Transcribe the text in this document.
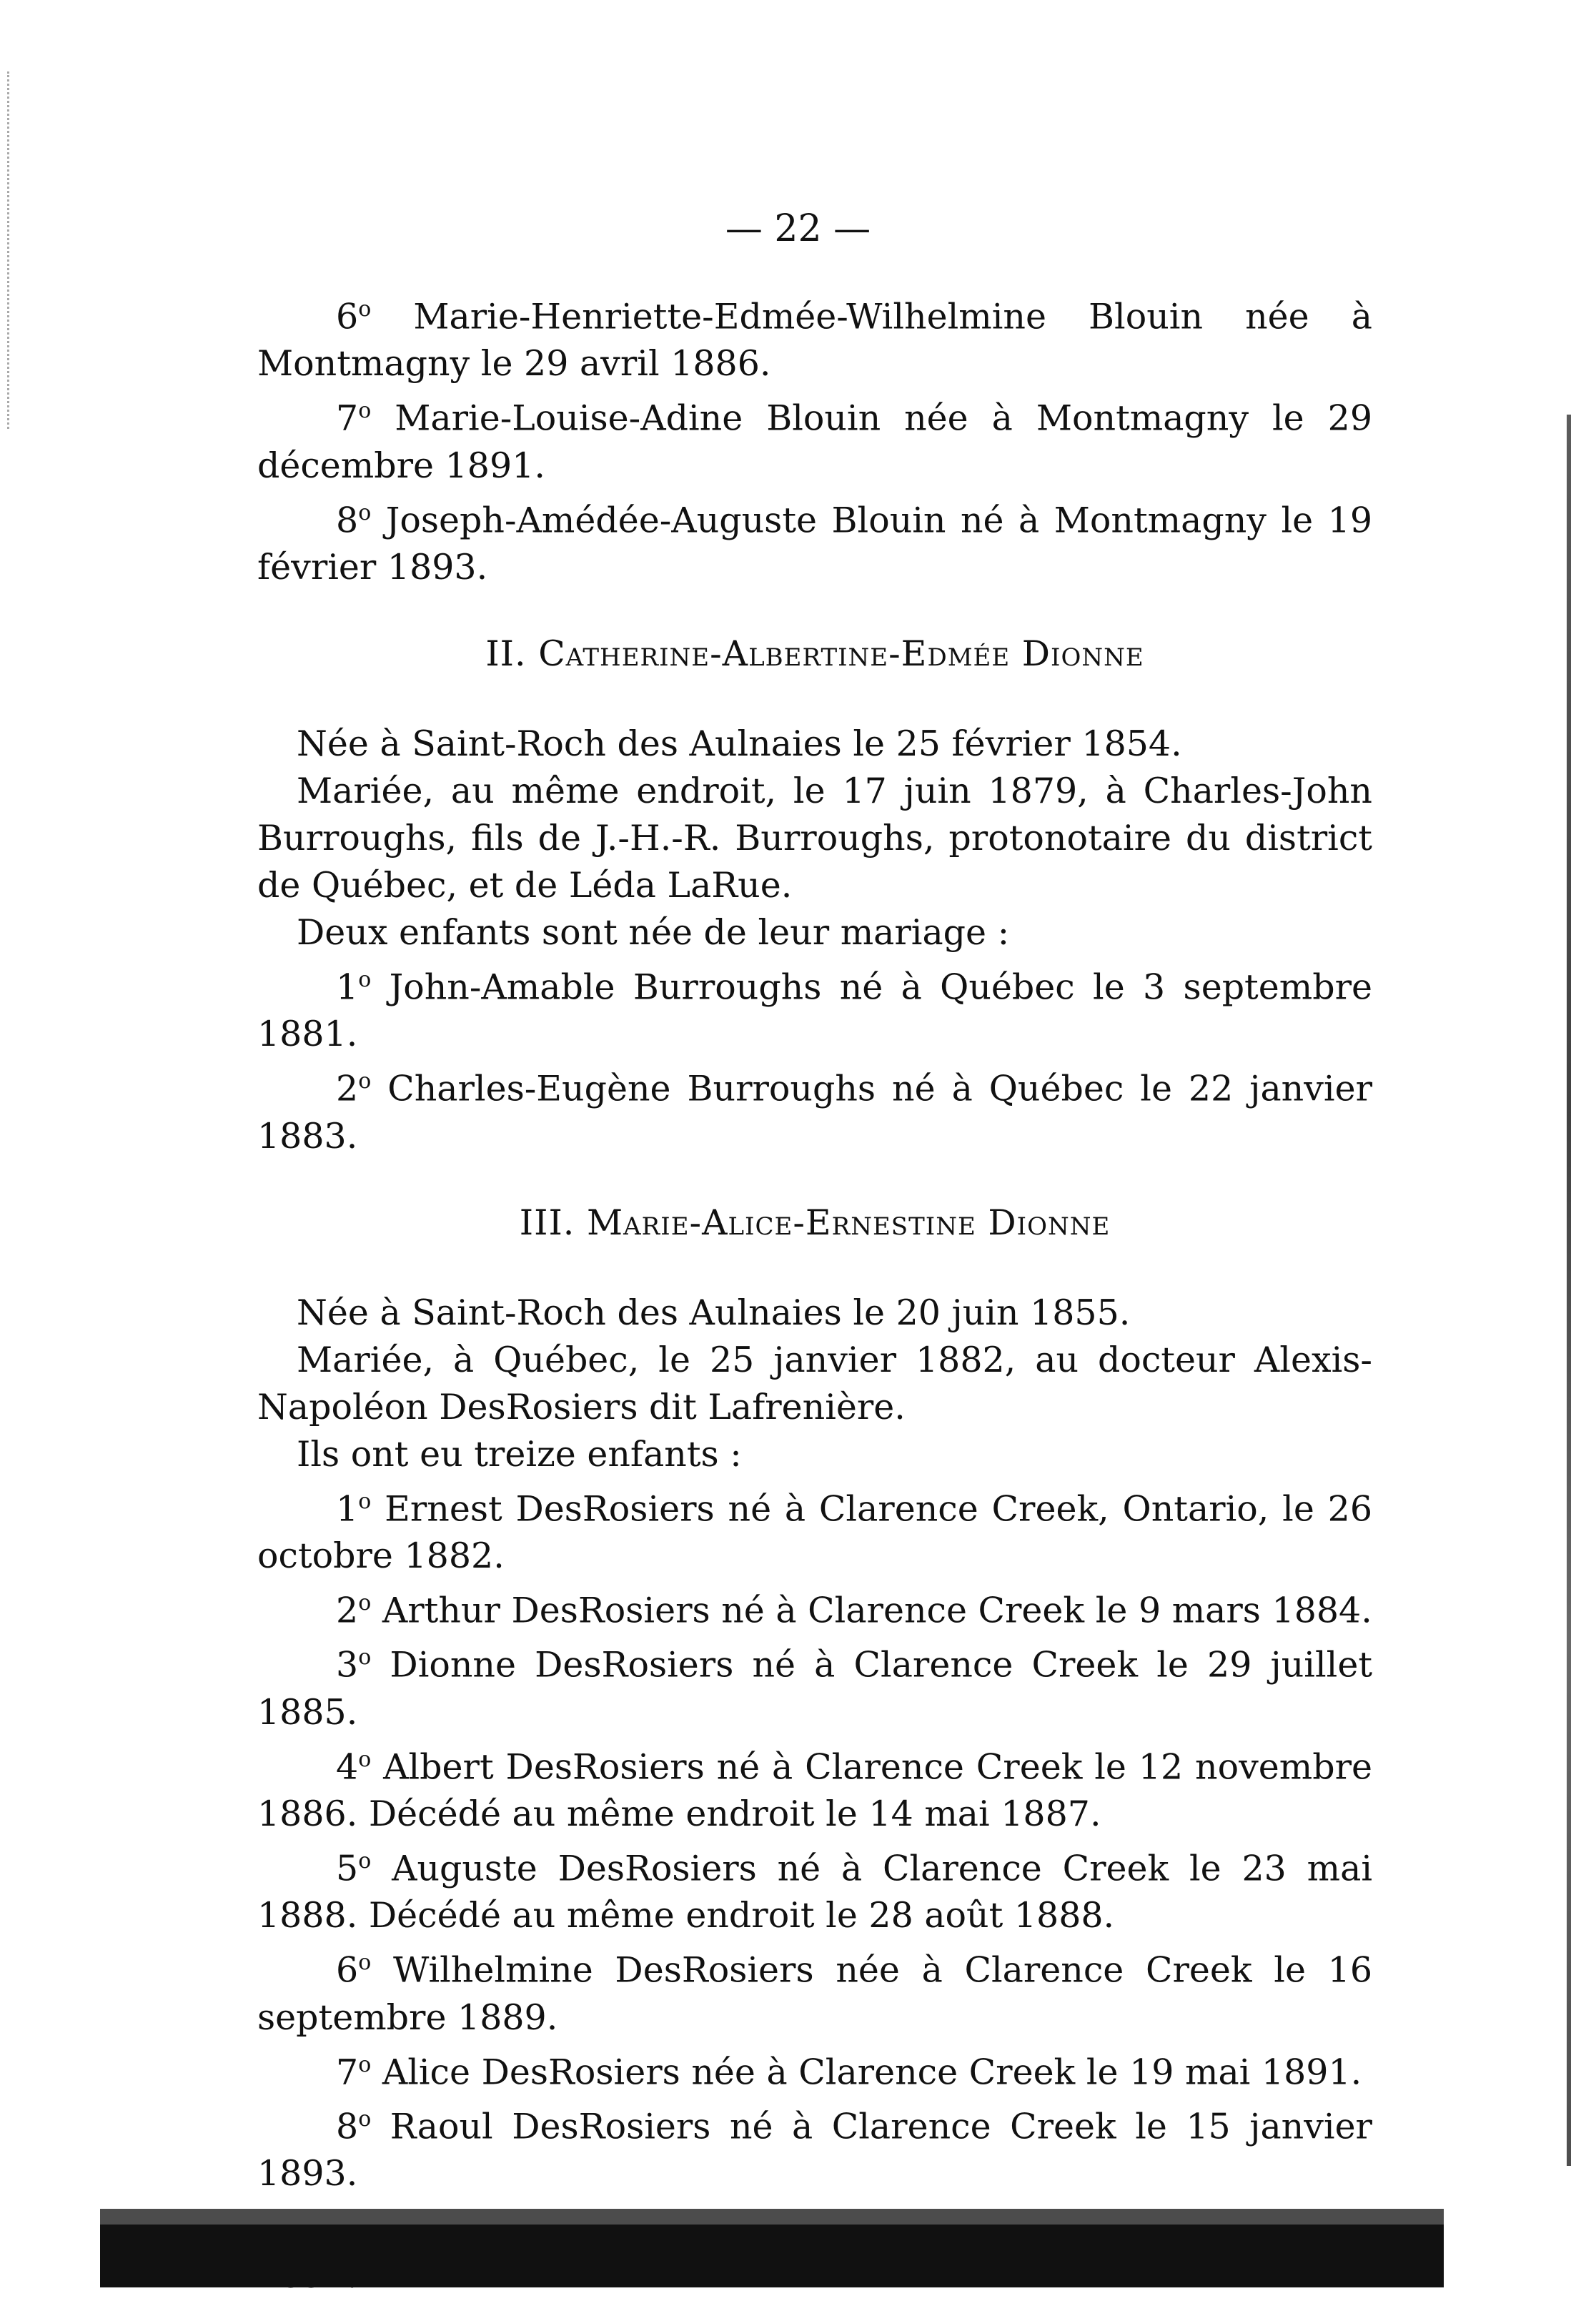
— 22 —

6$^o$ Marie-Henriette-Edmée-Wilhelmine Blouin née à Montmagny le 29 avril 1886.

7$^o$ Marie-Louise-Adine Blouin née à Montmagny le 29 décembre 1891.

8$^o$ Joseph-Amédée-Auguste Blouin né à Montmagny le 19 février 1893.

II. Catherine-Albertine-Edmée Dionne

Née à Saint-Roch des Aulnaies le 25 février 1854.

Mariée, au même endroit, le 17 juin 1879, à Charles-John Burroughs, fils de J.-H.-R. Burroughs, protonotaire du district de Québec, et de Léda LaRue.

Deux enfants sont née de leur mariage :

1$^o$ John-Amable Burroughs né à Québec le 3 septembre 1881.

2$^o$ Charles-Eugène Burroughs né à Québec le 22 janvier 1883.

III. Marie-Alice-Ernestine Dionne

Née à Saint-Roch des Aulnaies le 20 juin 1855.

Mariée, à Québec, le 25 janvier 1882, au docteur Alexis-Napoléon DesRosiers dit Lafrenière.

Ils ont eu treize enfants :

1$^o$ Ernest DesRosiers né à Clarence Creek, Ontario, le 26 octobre 1882.

2$^o$ Arthur DesRosiers né à Clarence Creek le 9 mars 1884.

3$^o$ Dionne DesRosiers né à Clarence Creek le 29 juillet 1885.

4$^o$ Albert DesRosiers né à Clarence Creek le 12 novembre 1886. Décédé au même endroit le 14 mai 1887.

5$^o$ Auguste DesRosiers né à Clarence Creek le 23 mai 1888. Décédé au même endroit le 28 août 1888.

6$^o$ Wilhelmine DesRosiers née à Clarence Creek le 16 septembre 1889.

7$^o$ Alice DesRosiers née à Clarence Creek le 19 mai 1891.

8$^o$ Raoul DesRosiers né à Clarence Creek le 15 janvier 1893.
